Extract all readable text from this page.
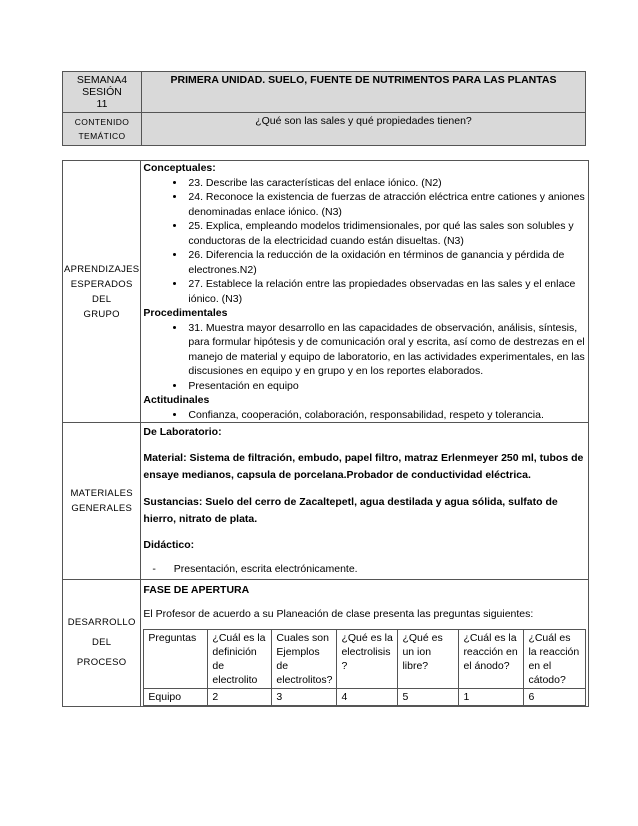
SEMANA4
SESIÓN
11	PRIMERA UNIDAD. SUELO, FUENTE DE NUTRIMENTOS PARA LAS PLANTAS

CONTENIDO
TEMÁTICO	¿Qué son las sales y qué propiedades tienen?
APRENDIZAJES
ESPERADOS DEL
GRUPO

Conceptuales:
• 23. Describe las características del enlace iónico. (N2)
• 24. Reconoce la existencia de fuerzas de atracción eléctrica entre cationes y aniones denominadas enlace iónico. (N3)
• 25. Explica, empleando modelos tridimensionales, por qué las sales son solubles y conductoras de la electricidad cuando están disueltas. (N3)
• 26. Diferencia la reducción de la oxidación en términos de ganancia y pérdida de electrones.N2)
• 27. Establece la relación entre las propiedades observadas en las sales y el enlace iónico. (N3)
Procedimentales
• 31. Muestra mayor desarrollo en las capacidades de observación, análisis, síntesis, para formular hipótesis y de comunicación oral y escrita, así como de destrezas en el manejo de material y equipo de laboratorio, en las actividades experimentales, en las discusiones en equipo y en grupo y en los reportes elaborados.
• Presentación en equipo
Actitudinales
• Confianza, cooperación, colaboración, responsabilidad, respeto y tolerancia.

MATERIALES
GENERALES

De Laboratorio:

Material: Sistema de filtración, embudo, papel filtro, matraz Erlenmeyer 250 ml, tubos de ensaye medianos, capsula de porcelana.Probador de conductividad eléctrica.

Sustancias: Suelo del cerro de Zacaltepetl, agua destilada y agua sólida, sulfato de hierro, nitrato de plata.

Didáctico:
- Presentación, escrita electrónicamente.

DESARROLLO DEL
PROCESO

FASE DE APERTURA
El Profesor de acuerdo a su Planeación de clase presenta las preguntas siguientes:
Preguntas	¿Cuál es la definición de electrolito	Cuales son Ejemplos de electrolitos?	¿Qué es la electrolisis ?	¿Qué es un ion libre?	¿Cuál es la reacción en el ánodo?	¿Cuál es la reacción en el cátodo?
Equipo	2	3	4	5	1	6
